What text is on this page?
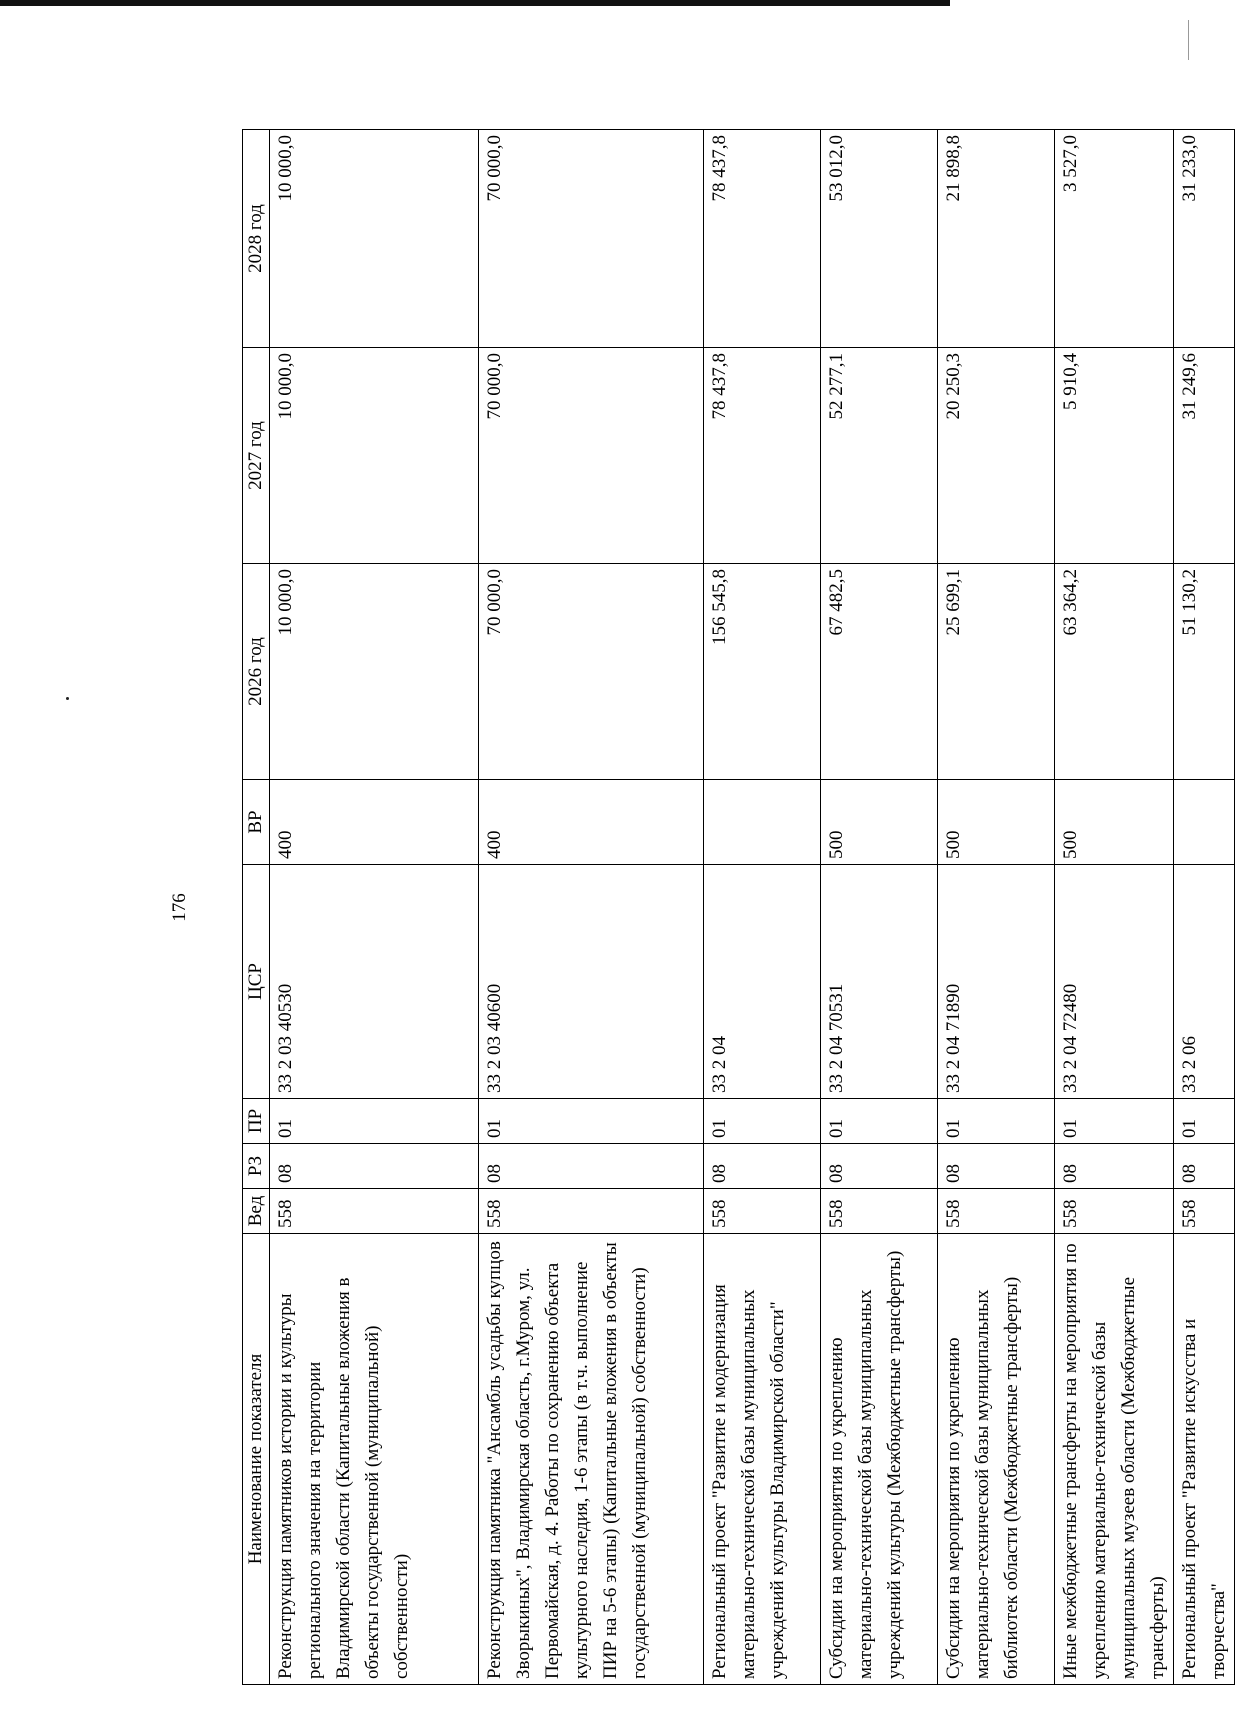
176
Наименование показателя	Вед	РЗ	ПР	ЦСР	ВР	2026 год	2027 год	2028 год
Реконструкция памятников истории и культуры регионального значения на территории Владимирской области (Капитальные вложения в объекты государственной (муниципальной) собственности)	558	08	01	33 2 03 40530	400	10 000,0	10 000,0	10 000,0
Реконструкция памятника "Ансамбль усадьбы купцов Зворыкиных", Владимирская область, г.Муром, ул. Первомайская, д. 4. Работы по сохранению объекта культурного наследия, 1-6 этапы (в т.ч. выполнение ПИР на 5-6 этапы) (Капитальные вложения в объекты государственной (муниципальной) собственности)	558	08	01	33 2 03 40600	400	70 000,0	70 000,0	70 000,0
Региональный проект "Развитие и модернизация материально-технической базы муниципальных учреждений культуры Владимирской области"	558	08	01	33 2 04		156 545,8	78 437,8	78 437,8
Субсидии на мероприятия по укреплению материально-технической базы муниципальных учреждений культуры (Межбюджетные трансферты)	558	08	01	33 2 04 70531	500	67 482,5	52 277,1	53 012,0
Субсидии на мероприятия по укреплению материально-технической базы муниципальных библиотек области (Межбюджетные трансферты)	558	08	01	33 2 04 71890	500	25 699,1	20 250,3	21 898,8
Иные межбюджетные трансферты на мероприятия по укреплению материально-технической базы муниципальных музеев области (Межбюджетные трансферты)	558	08	01	33 2 04 72480	500	63 364,2	5 910,4	3 527,0
Региональный проект "Развитие искусства и творчества"	558	08	01	33 2 06		51 130,2	31 249,6	31 233,0
